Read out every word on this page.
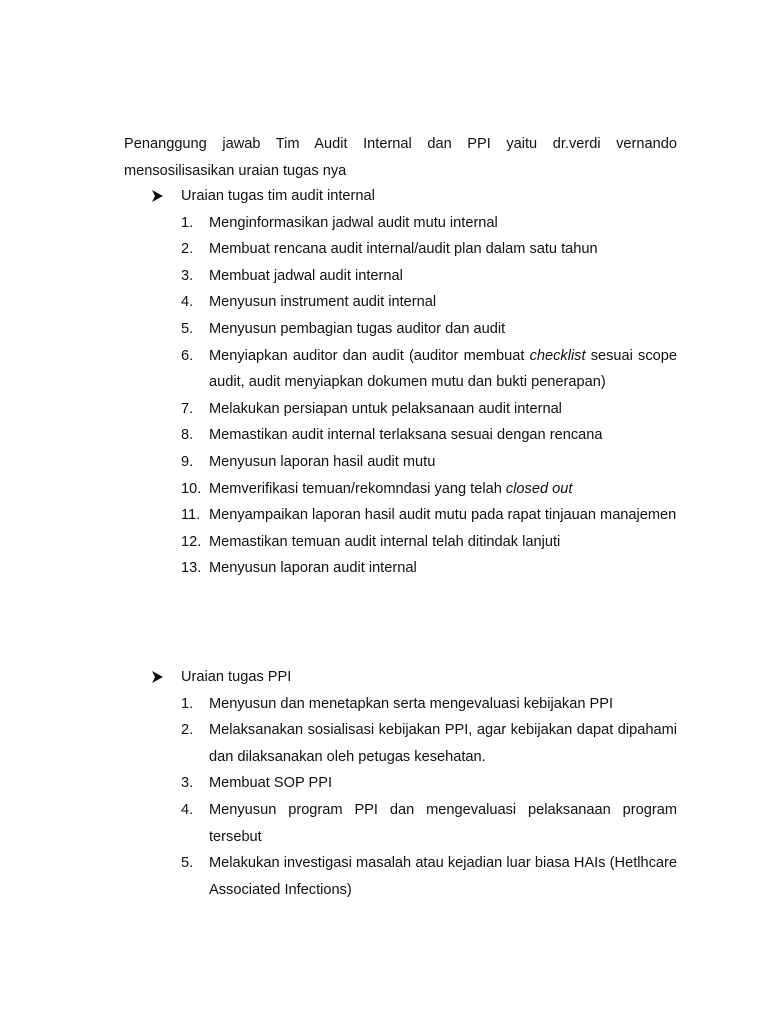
Penanggung jawab Tim Audit Internal dan PPI yaitu dr.verdi vernando mensosilisasikan uraian tugas nya

Uraian tugas tim audit internal
1. Menginformasikan jadwal audit mutu internal
2. Membuat rencana audit internal/audit plan dalam satu tahun
3. Membuat jadwal audit internal
4. Menyusun instrument audit internal
5. Menyusun pembagian tugas auditor dan audit
6. Menyiapkan auditor dan audit (auditor membuat checklist sesuai scope audit, audit menyiapkan dokumen mutu dan bukti penerapan)
7. Melakukan persiapan untuk pelaksanaan audit internal
8. Memastikan audit internal terlaksana sesuai dengan rencana
9. Menyusun laporan hasil audit mutu
10. Memverifikasi temuan/rekomndasi yang telah closed out
11. Menyampaikan laporan hasil audit mutu pada rapat tinjauan manajemen
12. Memastikan temuan audit internal telah ditindak lanjuti
13. Menyusun laporan audit internal
Uraian tugas PPI
1. Menyusun dan menetapkan serta mengevaluasi kebijakan PPI
2. Melaksanakan sosialisasi kebijakan PPI, agar kebijakan dapat dipahami dan dilaksanakan oleh petugas kesehatan.
3. Membuat SOP PPI
4. Menyusun program PPI dan mengevaluasi pelaksanaan program tersebut
5. Melakukan investigasi masalah atau kejadian luar biasa HAIs (Hetlhcare Associated Infections)
